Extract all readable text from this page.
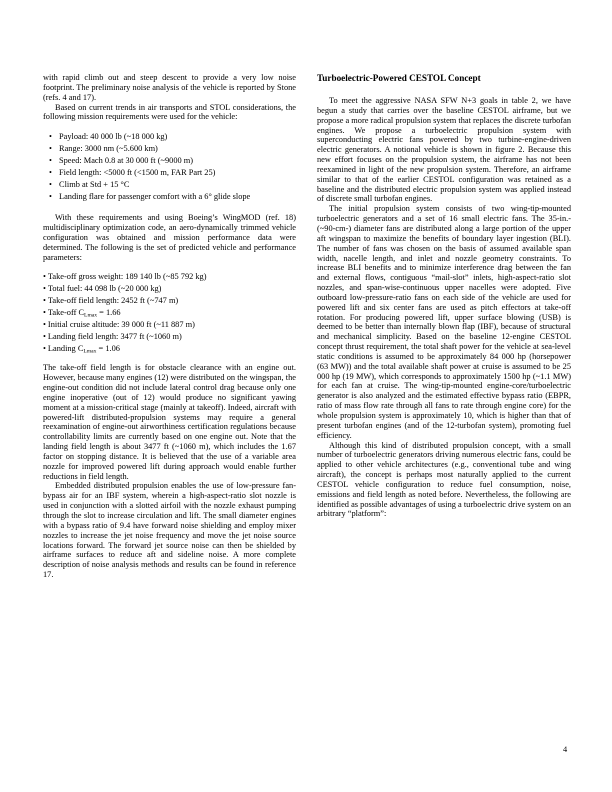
with rapid climb out and steep descent to provide a very low noise footprint. The preliminary noise analysis of the vehicle is reported by Stone (refs. 4 and 17).

Based on current trends in air transports and STOL considerations, the following mission requirements were used for the vehicle:

• Payload: 40 000 lb (~18 000 kg)
• Range: 3000 nm (~5.600 km)
• Speed: Mach 0.8 at 30 000 ft (~9000 m)
• Field length: <5000 ft (<1500 m, FAR Part 25)
• Climb at Std + 15 °C
• Landing flare for passenger comfort with a 6° glide slope

With these requirements and using Boeing’s WingMOD (ref. 18) multidisciplinary optimization code, an aero-dynamically trimmed vehicle configuration was obtained and mission performance data were determined. The following is the set of predicted vehicle and performance parameters:

• Take-off gross weight: 189 140 lb (~85 792 kg)
• Total fuel: 44 098 lb (~20 000 kg)
• Take-off field length: 2452 ft (~747 m)
• Take-off $C_{Lmax} = 1.66$
• Initial cruise altitude: 39 000 ft (~11 887 m)
• Landing field length: 3477 ft (~1060 m)
• Landing $C_{Lmax} = 1.06$

The take-off field length is for obstacle clearance with an engine out. However, because many engines (12) were distributed on the wingspan, the engine-out condition did not include lateral control drag because only one engine inoperative (out of 12) would produce no significant yawing moment at a mission-critical stage (mainly at takeoff). Indeed, aircraft with powered-lift distributed-propulsion systems may require a general reexamination of engine-out airworthiness certification regulations because controllability limits are currently based on one engine out. Note that the landing field length is about 3477 ft (~1060 m), which includes the 1.67 factor on stopping distance. It is believed that the use of a variable area nozzle for improved powered lift during approach would enable further reductions in field length.

Embedded distributed propulsion enables the use of low-pressure fan-bypass air for an IBF system, wherein a high-aspect-ratio slot nozzle is used in conjunction with a slotted airfoil with the nozzle exhaust pumping through the slot to increase circulation and lift. The small diameter engines with a bypass ratio of 9.4 have forward noise shielding and employ mixer nozzles to increase the jet noise frequency and move the jet noise source locations forward. The forward jet source noise can then be shielded by airframe surfaces to reduce aft and sideline noise. A more complete description of noise analysis methods and results can be found in reference 17.

Turboelectric-Powered CESTOL Concept

To meet the aggressive NASA SFW N+3 goals in table 2, we have begun a study that carries over the baseline CESTOL airframe, but we propose a more radical propulsion system that replaces the discrete turbofan engines. We propose a turboelectric propulsion system with superconducting electric fans powered by two turbine-engine-driven electric generators. A notional vehicle is shown in figure 2. Because this new effort focuses on the propulsion system, the airframe has not been reexamined in light of the new propulsion system. Therefore, an airframe similar to that of the earlier CESTOL configuration was retained as a baseline and the distributed electric propulsion system was applied instead of discrete small turbofan engines.

The initial propulsion system consists of two wing-tip-mounted turboelectric generators and a set of 16 small electric fans. The 35-in.- (~90-cm-) diameter fans are distributed along a large portion of the upper aft wingspan to maximize the benefits of boundary layer ingestion (BLI). The number of fans was chosen on the basis of assumed available span width, nacelle length, and inlet and nozzle geometry constraints. To increase BLI benefits and to minimize interference drag between the fan and external flows, contiguous “mail-slot” inlets, high-aspect-ratio slot nozzles, and span-wise-continuous upper nacelles were adopted. Five outboard low-pressure-ratio fans on each side of the vehicle are used for powered lift and six center fans are used as pitch effectors at take-off rotation. For producing powered lift, upper surface blowing (USB) is deemed to be better than internally blown flap (IBF), because of structural and mechanical simplicity. Based on the baseline 12-engine CESTOL concept thrust requirement, the total shaft power for the vehicle at sea-level static conditions is assumed to be approximately 84 000 hp (horsepower (63 MW)) and the total available shaft power at cruise is assumed to be 25 000 hp (19 MW), which corresponds to approximately 1500 hp (~1.1 MW) for each fan at cruise. The wing-tip-mounted engine-core/turboelectric generator is also analyzed and the estimated effective bypass ratio (EBPR, ratio of mass flow rate through all fans to rate through engine core) for the whole propulsion system is approximately 10, which is higher than that of present turbofan engines (and of the 12-turbofan system), promoting fuel efficiency.

Although this kind of distributed propulsion concept, with a small number of turboelectric generators driving numerous electric fans, could be applied to other vehicle architectures (e.g., conventional tube and wing aircraft), the concept is perhaps most naturally applied to the current CESTOL vehicle configuration to reduce fuel consumption, noise, emissions and field length as noted before. Nevertheless, the following are identified as possible advantages of using a turboelectric drive system on an arbitrary “platform”:

4
